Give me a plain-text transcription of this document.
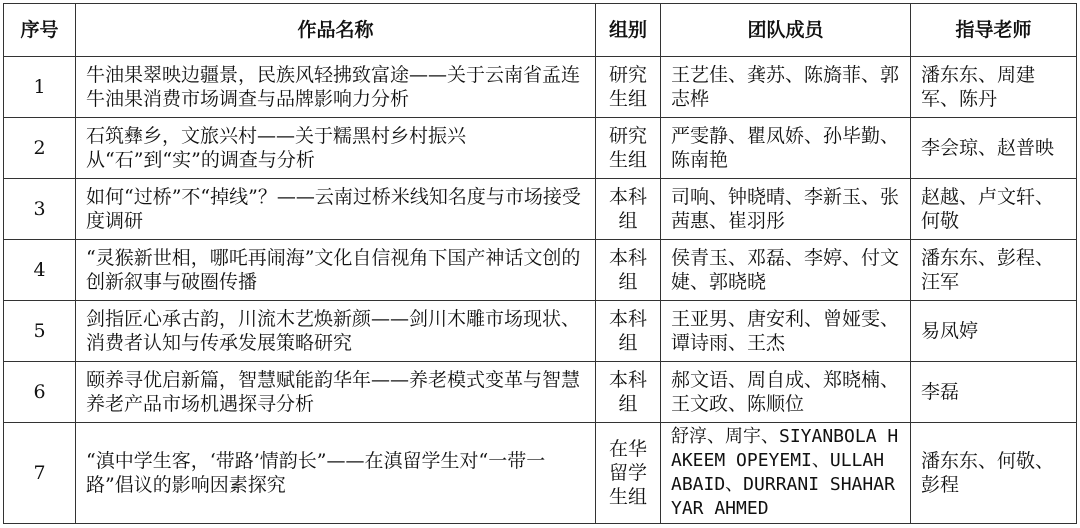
序号	作品名称	组别	团队成员	指导老师
1	牛油果翠映边疆景，民族风轻拂致富途——关于云南省孟连牛油果消费市场调查与品牌影响力分析	研究生组	王艺佳、龚苏、陈旖菲、郭志桦	潘东东、周建军、陈丹
2	石筑彝乡，文旅兴村——关于糯黑村乡村振兴从“石”到“实”的调查与分析	研究生组	严雯静、瞿凤娇、孙毕勤、陈南艳	李会琼、赵普映
3	如何“过桥”不“掉线”？——云南过桥米线知名度与市场接受度调研	本科组	司响、钟晓晴、李新玉、张茜惠、崔羽彤	赵越、卢文轩、何敬
4	“灵猴新世相，哪吒再闹海”文化自信视角下国产神话文创的创新叙事与破圈传播	本科组	侯青玉、邓磊、李婷、付文婕、郭晓晓	潘东东、彭程、汪军
5	剑指匠心承古韵，川流木艺焕新颜——剑川木雕市场现状、消费者认知与传承发展策略研究	本科组	王亚男、唐安利、曾娅雯、谭诗雨、王杰	易凤婷
6	颐养寻优启新篇，智慧赋能韵华年——养老模式变革与智慧养老产品市场机遇探寻分析	本科组	郝文语、周自成、郑晓楠、王文政、陈顺位	李磊
7	“滇中学生客，‘带路’情韵长”——在滇留学生对“一带一路”倡议的影响因素探究	在华留学生组	舒淳、周宇、SIYANBOLA HAKEEM OPEYEMI、ULLAH ABAID、DURRANI SHAHARYAR AHMED	潘东东、何敬、彭程
